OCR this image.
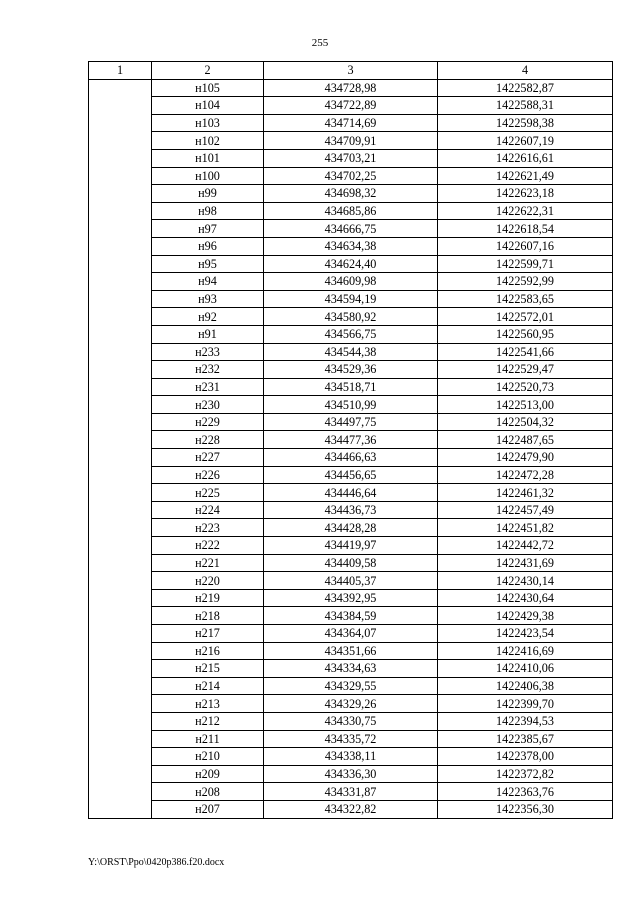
255
1	2	3	4
	н105	434728,98	1422582,87
	н104	434722,89	1422588,31
	н103	434714,69	1422598,38
	н102	434709,91	1422607,19
	н101	434703,21	1422616,61
	н100	434702,25	1422621,49
	н99	434698,32	1422623,18
	н98	434685,86	1422622,31
	н97	434666,75	1422618,54
	н96	434634,38	1422607,16
	н95	434624,40	1422599,71
	н94	434609,98	1422592,99
	н93	434594,19	1422583,65
	н92	434580,92	1422572,01
	н91	434566,75	1422560,95
	н233	434544,38	1422541,66
	н232	434529,36	1422529,47
	н231	434518,71	1422520,73
	н230	434510,99	1422513,00
	н229	434497,75	1422504,32
	н228	434477,36	1422487,65
	н227	434466,63	1422479,90
	н226	434456,65	1422472,28
	н225	434446,64	1422461,32
	н224	434436,73	1422457,49
	н223	434428,28	1422451,82
	н222	434419,97	1422442,72
	н221	434409,58	1422431,69
	н220	434405,37	1422430,14
	н219	434392,95	1422430,64
	н218	434384,59	1422429,38
	н217	434364,07	1422423,54
	н216	434351,66	1422416,69
	н215	434334,63	1422410,06
	н214	434329,55	1422406,38
	н213	434329,26	1422399,70
	н212	434330,75	1422394,53
	н211	434335,72	1422385,67
	н210	434338,11	1422378,00
	н209	434336,30	1422372,82
	н208	434331,87	1422363,76
	н207	434322,82	1422356,30
Y:\ORST\Ppo\0420p386.f20.docx
